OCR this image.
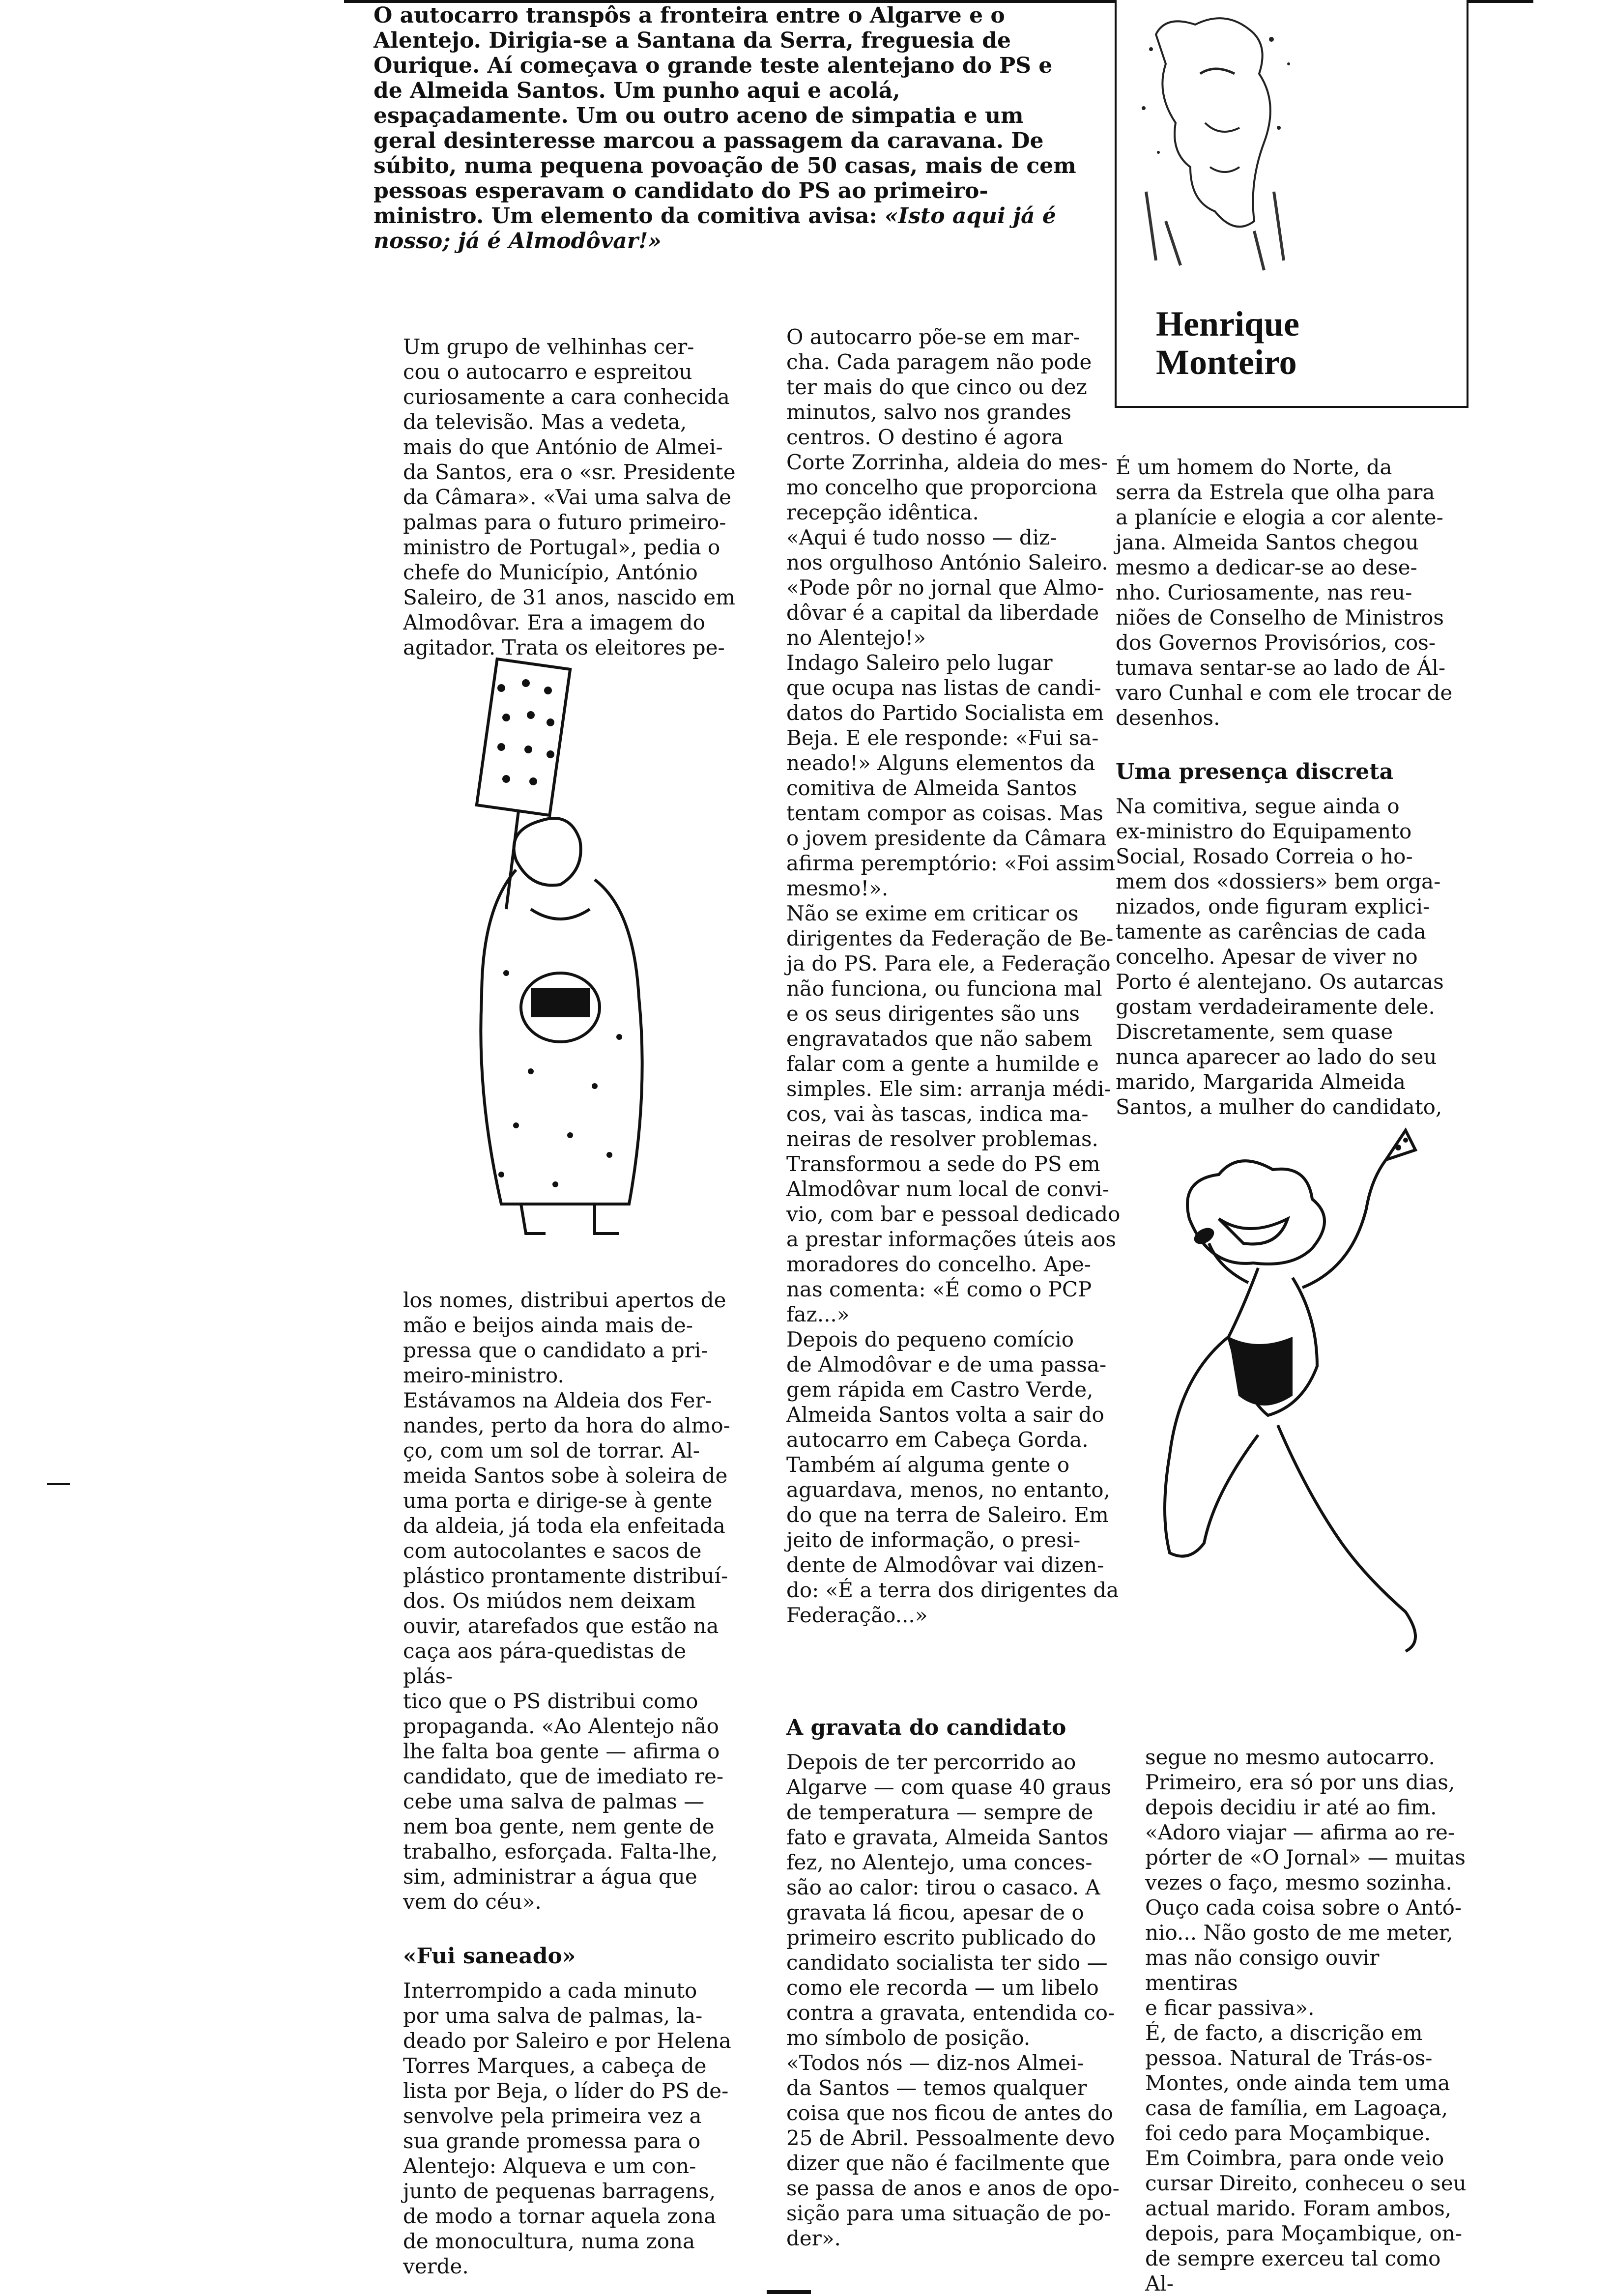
O autocarro transpôs a fronteira entre o Algarve e o
Alentejo. Dirigia-se a Santana da Serra, freguesia de
Ourique. Aí começava o grande teste alentejano do PS e
de Almeida Santos. Um punho aqui e acolá,
espaçadamente. Um ou outro aceno de simpatia e um
geral desinteresse marcou a passagem da caravana. De
súbito, numa pequena povoação de 50 casas, mais de cem
pessoas esperavam o candidato do PS ao primeiro-
ministro. Um elemento da comitiva avisa: «Isto aqui já é
nosso; já é Almodôvar!»
Henrique
Monteiro
Um grupo de velhinhas cer-
cou o autocarro e espreitou
curiosamente a cara conhecida
da televisão. Mas a vedeta,
mais do que António de Almei-
da Santos, era o «sr. Presidente
da Câmara». «Vai uma salva de
palmas para o futuro primeiro-
ministro de Portugal», pedia o
chefe do Município, António
Saleiro, de 31 anos, nascido em
Almodôvar. Era a imagem do
agitador. Trata os eleitores pe-
los nomes, distribui apertos de
mão e beijos ainda mais de-
pressa que o candidato a pri-
meiro-ministro.
Estávamos na Aldeia dos Fer-
nandes, perto da hora do almo-
ço, com um sol de torrar. Al-
meida Santos sobe à soleira de
uma porta e dirige-se à gente
da aldeia, já toda ela enfeitada
com autocolantes e sacos de
plástico prontamente distribuí-
dos. Os miúdos nem deixam
ouvir, atarefados que estão na
caça aos pára-quedistas de plás-
tico que o PS distribui como
propaganda. «Ao Alentejo não
lhe falta boa gente — afirma o
candidato, que de imediato re-
cebe uma salva de palmas —
nem boa gente, nem gente de
trabalho, esforçada. Falta-lhe,
sim, administrar a água que
vem do céu».
«Fui saneado»
Interrompido a cada minuto
por uma salva de palmas, la-
deado por Saleiro e por Helena
Torres Marques, a cabeça de
lista por Beja, o líder do PS de-
senvolve pela primeira vez a
sua grande promessa para o
Alentejo: Alqueva e um con-
junto de pequenas barragens,
de modo a tornar aquela zona
de monocultura, numa zona
verde.
O autocarro põe-se em mar-
cha. Cada paragem não pode
ter mais do que cinco ou dez
minutos, salvo nos grandes
centros. O destino é agora
Corte Zorrinha, aldeia do mes-
mo concelho que proporciona
recepção idêntica.
«Aqui é tudo nosso — diz-
nos orgulhoso António Saleiro.
«Pode pôr no jornal que Almo-
dôvar é a capital da liberdade
no Alentejo!»
Indago Saleiro pelo lugar
que ocupa nas listas de candi-
datos do Partido Socialista em
Beja. E ele responde: «Fui sa-
neado!» Alguns elementos da
comitiva de Almeida Santos
tentam compor as coisas. Mas
o jovem presidente da Câmara
afirma peremptório: «Foi assim
mesmo!».
Não se exime em criticar os
dirigentes da Federação de Be-
ja do PS. Para ele, a Federação
não funciona, ou funciona mal
e os seus dirigentes são uns
engravatados que não sabem
falar com a gente a humilde e
simples. Ele sim: arranja médi-
cos, vai às tascas, indica ma-
neiras de resolver problemas.
Transformou a sede do PS em
Almodôvar num local de convi-
vio, com bar e pessoal dedicado
a prestar informações úteis aos
moradores do concelho. Ape-
nas comenta: «É como o PCP
faz...»
Depois do pequeno comício
de Almodôvar e de uma passa-
gem rápida em Castro Verde,
Almeida Santos volta a sair do
autocarro em Cabeça Gorda.
Também aí alguma gente o
aguardava, menos, no entanto,
do que na terra de Saleiro. Em
jeito de informação, o presi-
dente de Almodôvar vai dizen-
do: «É a terra dos dirigentes da
Federação...»
A gravata do candidato
Depois de ter percorrido ao
Algarve — com quase 40 graus
de temperatura — sempre de
fato e gravata, Almeida Santos
fez, no Alentejo, uma conces-
são ao calor: tirou o casaco. A
gravata lá ficou, apesar de o
primeiro escrito publicado do
candidato socialista ter sido —
como ele recorda — um libelo
contra a gravata, entendida co-
mo símbolo de posição.
«Todos nós — diz-nos Almei-
da Santos — temos qualquer
coisa que nos ficou de antes do
25 de Abril. Pessoalmente devo
dizer que não é facilmente que
se passa de anos e anos de opo-
sição para uma situação de po-
der».
É um homem do Norte, da
serra da Estrela que olha para
a planície e elogia a cor alente-
jana. Almeida Santos chegou
mesmo a dedicar-se ao dese-
nho. Curiosamente, nas reu-
niões de Conselho de Ministros
dos Governos Provisórios, cos-
tumava sentar-se ao lado de Ál-
varo Cunhal e com ele trocar de
desenhos.
Uma presença discreta
Na comitiva, segue ainda o
ex-ministro do Equipamento
Social, Rosado Correia o ho-
mem dos «dossiers» bem orga-
nizados, onde figuram explici-
tamente as carências de cada
concelho. Apesar de viver no
Porto é alentejano. Os autarcas
gostam verdadeiramente dele.
Discretamente, sem quase
nunca aparecer ao lado do seu
marido, Margarida Almeida
Santos, a mulher do candidato,
segue no mesmo autocarro.
Primeiro, era só por uns dias,
depois decidiu ir até ao fim.
«Adoro viajar — afirma ao re-
pórter de «O Jornal» — muitas
vezes o faço, mesmo sozinha.
Ouço cada coisa sobre o Antó-
nio... Não gosto de me meter,
mas não consigo ouvir mentiras
e ficar passiva».
É, de facto, a discrição em
pessoa. Natural de Trás-os-
Montes, onde ainda tem uma
casa de família, em Lagoaça,
foi cedo para Moçambique.
Em Coimbra, para onde veio
cursar Direito, conheceu o seu
actual marido. Foram ambos,
depois, para Moçambique, on-
de sempre exerceu tal como Al-
